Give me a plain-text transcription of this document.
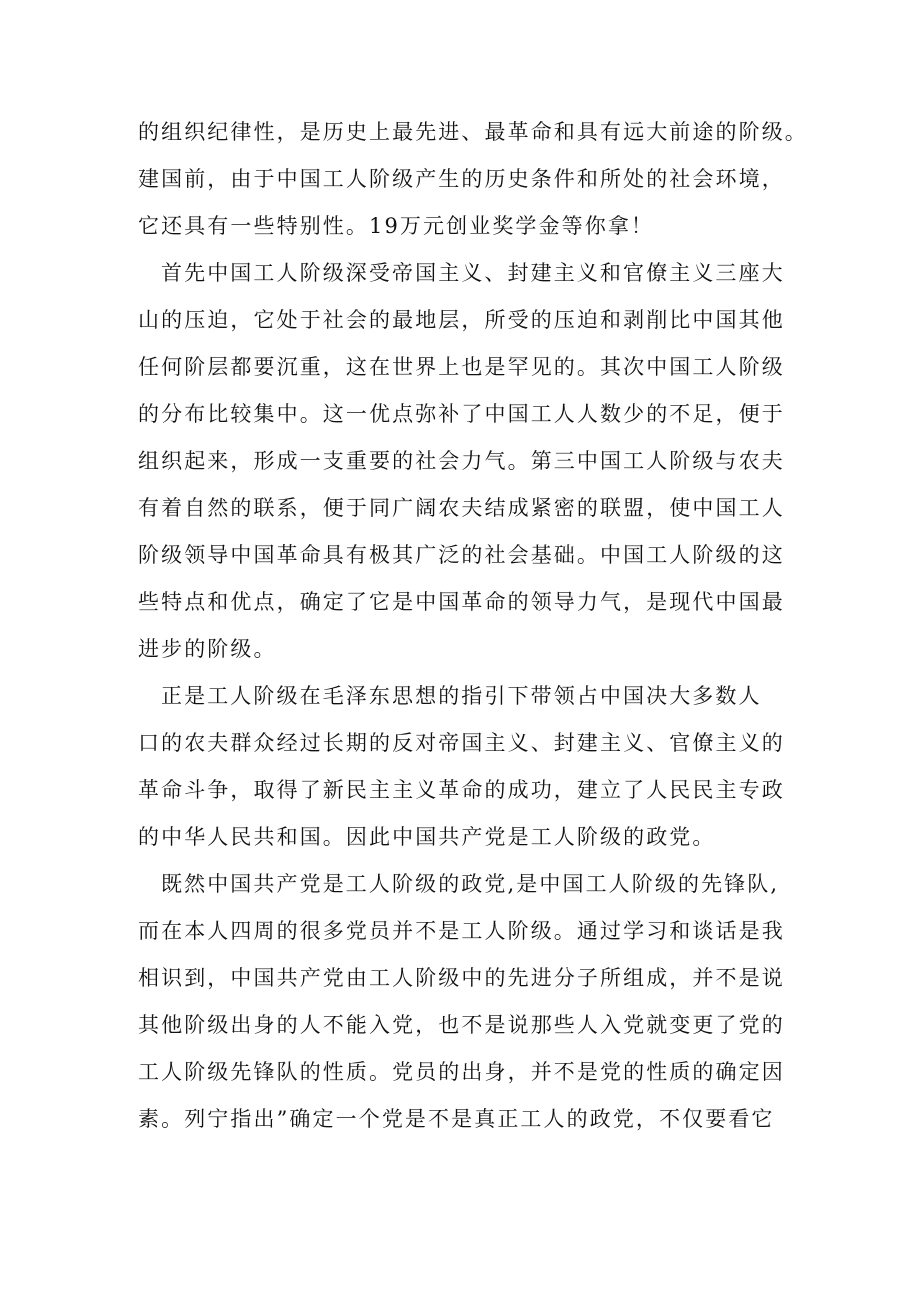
的组织纪律性，是历史上最先进、最革命和具有远大前途的阶级。
建国前，由于中国工人阶级产生的历史条件和所处的社会环境，
它还具有一些特别性。19万元创业奖学金等你拿！
首先中国工人阶级深受帝国主义、封建主义和官僚主义三座大
山的压迫，它处于社会的最地层，所受的压迫和剥削比中国其他
任何阶层都要沉重，这在世界上也是罕见的。其次中国工人阶级
的分布比较集中。这一优点弥补了中国工人人数少的不足，便于
组织起来，形成一支重要的社会力气。第三中国工人阶级与农夫
有着自然的联系，便于同广阔农夫结成紧密的联盟，使中国工人
阶级领导中国革命具有极其广泛的社会基础。中国工人阶级的这
些特点和优点，确定了它是中国革命的领导力气，是现代中国最
进步的阶级。
正是工人阶级在毛泽东思想的指引下带领占中国决大多数人
口的农夫群众经过长期的反对帝国主义、封建主义、官僚主义的
革命斗争，取得了新民主主义革命的成功，建立了人民民主专政
的中华人民共和国。因此中国共产党是工人阶级的政党。
既然中国共产党是工人阶级的政党,是中国工人阶级的先锋队,
而在本人四周的很多党员并不是工人阶级。通过学习和谈话是我
相识到，中国共产党由工人阶级中的先进分子所组成，并不是说
其他阶级出身的人不能入党，也不是说那些人入党就变更了党的
工人阶级先锋队的性质。党员的出身，并不是党的性质的确定因
素。列宁指出”确定一个党是不是真正工人的政党，不仅要看它
